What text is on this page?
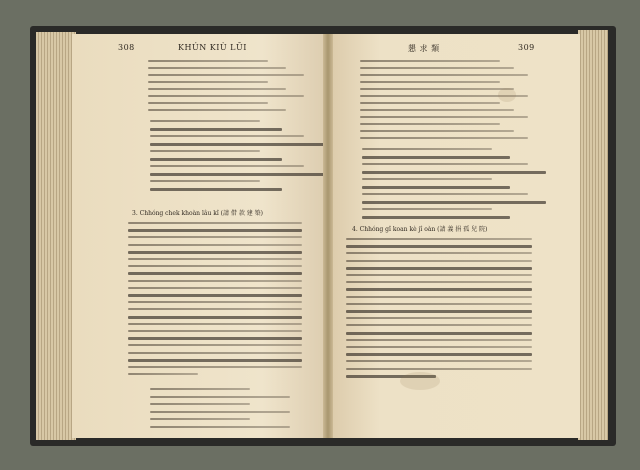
308	KHÚN KIÙ LŬI
3. Chhóng chek khoàn lâu kî (請 借 款 建 築)
懇 求 類	309
4. Chhóng gî koan kè jî oàn (請 義 捐 孤 兒 院)
